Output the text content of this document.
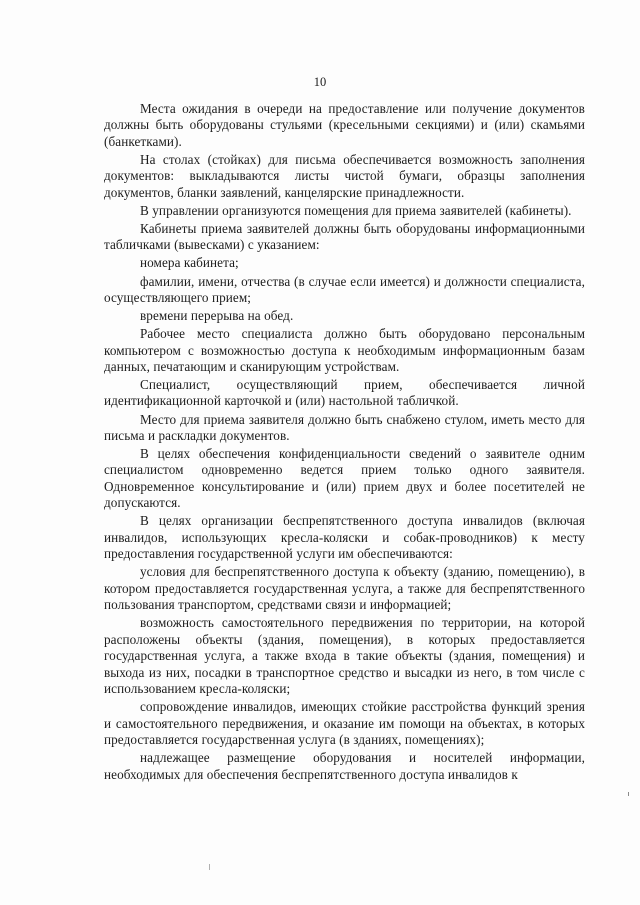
10

Места ожидания в очереди на предоставление или получение документов должны быть оборудованы стульями (кресельными секциями) и (или) скамьями (банкетками).

На столах (стойках) для письма обеспечивается возможность заполнения документов: выкладываются листы чистой бумаги, образцы заполнения документов, бланки заявлений, канцелярские принадлежности.

В управлении организуются помещения для приема заявителей (кабинеты).

Кабинеты приема заявителей должны быть оборудованы информационными табличками (вывесками) с указанием:

номера кабинета;

фамилии, имени, отчества (в случае если имеется) и должности специалиста, осуществляющего прием;

времени перерыва на обед.

Рабочее место специалиста должно быть оборудовано персональным компьютером с возможностью доступа к необходимым информационным базам данных, печатающим и сканирующим устройствам.

Специалист, осуществляющий прием, обеспечивается личной идентификационной карточкой и (или) настольной табличкой.

Место для приема заявителя должно быть снабжено стулом, иметь место для письма и раскладки документов.

В целях обеспечения конфиденциальности сведений о заявителе одним специалистом одновременно ведется прием только одного заявителя. Одновременное консультирование и (или) прием двух и более посетителей не допускаются.

В целях организации беспрепятственного доступа инвалидов (включая инвалидов, использующих кресла-коляски и собак-проводников) к месту предоставления государственной услуги им обеспечиваются:

условия для беспрепятственного доступа к объекту (зданию, помещению), в котором предоставляется государственная услуга, а также для беспрепятственного пользования транспортом, средствами связи и информацией;

возможность самостоятельного передвижения по территории, на которой расположены объекты (здания, помещения), в которых предоставляется государственная услуга, а также входа в такие объекты (здания, помещения) и выхода из них, посадки в транспортное средство и высадки из него, в том числе с использованием кресла-коляски;

сопровождение инвалидов, имеющих стойкие расстройства функций зрения и самостоятельного передвижения, и оказание им помощи на объектах, в которых предоставляется государственная услуга (в зданиях, помещениях);

надлежащее размещение оборудования и носителей информации, необходимых для обеспечения беспрепятственного доступа инвалидов к
